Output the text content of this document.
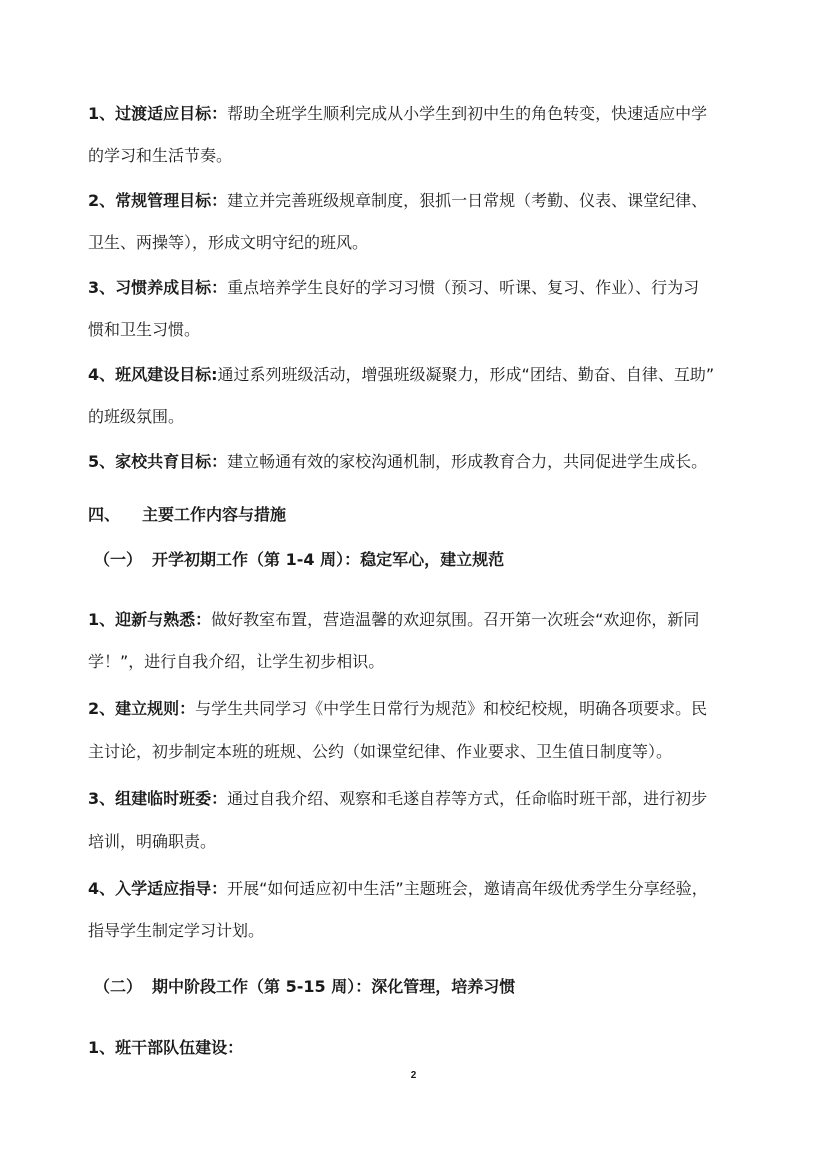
1、过渡适应目标：帮助全班学生顺利完成从小学生到初中生的角色转变，快速适应中学

的学习和生活节奏。

2、常规管理目标：建立并完善班级规章制度，狠抓一日常规（考勤、仪表、课堂纪律、

卫生、两操等），形成文明守纪的班风。

3、习惯养成目标：重点培养学生良好的学习习惯（预习、听课、复习、作业）、行为习

惯和卫生习惯。

4、班风建设目标:通过系列班级活动，增强班级凝聚力，形成“团结、勤奋、自律、互助”

的班级氛围。

5、家校共育目标：建立畅通有效的家校沟通机制，形成教育合力，共同促进学生成长。

四、 主要工作内容与措施

（一） 开学初期工作（第 1-4 周）：稳定军心，建立规范

1、迎新与熟悉：做好教室布置，营造温馨的欢迎氛围。召开第一次班会“欢迎你，新同

学！”，进行自我介绍，让学生初步相识。

2、建立规则：与学生共同学习《中学生日常行为规范》和校纪校规，明确各项要求。民

主讨论，初步制定本班的班规、公约（如课堂纪律、作业要求、卫生值日制度等）。

3、组建临时班委：通过自我介绍、观察和毛遂自荐等方式，任命临时班干部，进行初步

培训，明确职责。

4、入学适应指导：开展“如何适应初中生活”主题班会，邀请高年级优秀学生分享经验，

指导学生制定学习计划。

（二） 期中阶段工作（第 5-15 周）：深化管理，培养习惯

1、班干部队伍建设：

2
